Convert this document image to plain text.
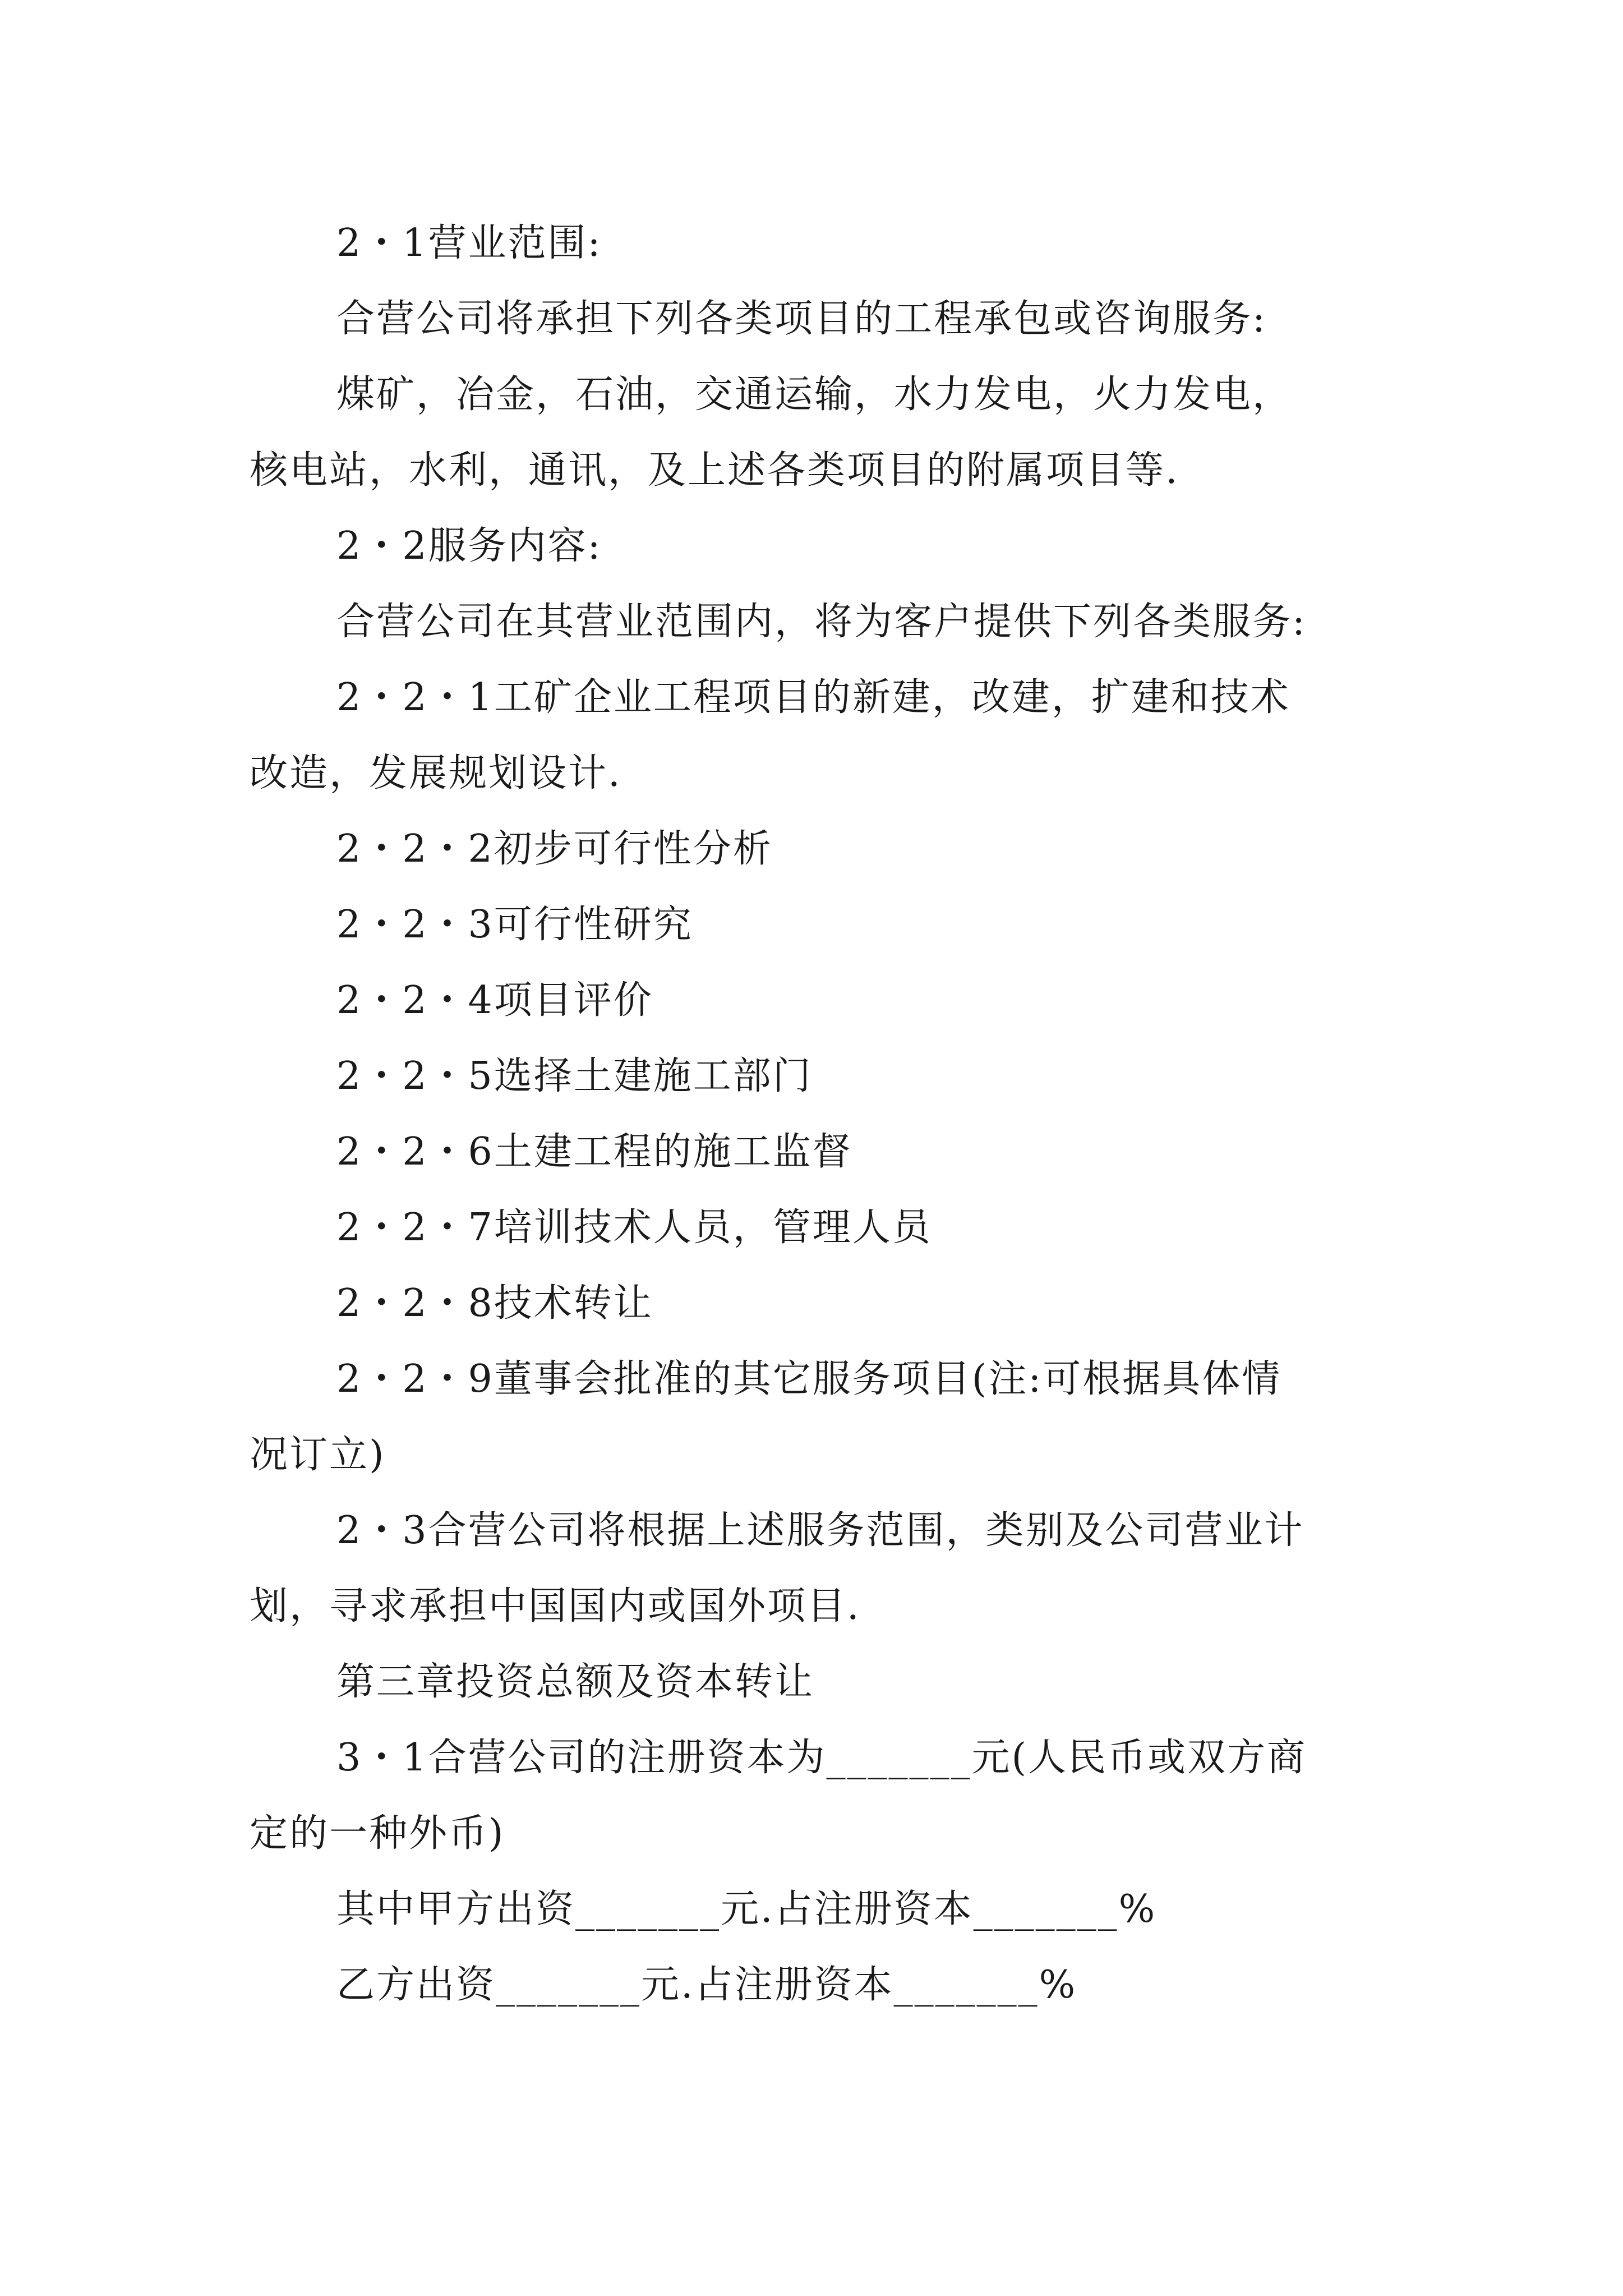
2・1营业范围:
合营公司将承担下列各类项目的工程承包或咨询服务:
煤矿，冶金，石油，交通运输，水力发电，火力发电，
核电站，水利，通讯，及上述各类项目的附属项目等.
2・2服务内容:
合营公司在其营业范围内，将为客户提供下列各类服务:
2・2・1工矿企业工程项目的新建，改建，扩建和技术
改造，发展规划设计.
2・2・2初步可行性分析
2・2・3可行性研究
2・2・4项目评价
2・2・5选择土建施工部门
2・2・6土建工程的施工监督
2・2・7培训技术人员，管理人员
2・2・8技术转让
2・2・9董事会批准的其它服务项目(注:可根据具体情
况订立)
2・3合营公司将根据上述服务范围，类别及公司营业计
划，寻求承担中国国内或国外项目.
第三章投资总额及资本转让
3・1合营公司的注册资本为_______元(人民币或双方商
定的一种外币)
其中甲方出资_______元.占注册资本_______%
乙方出资_______元.占注册资本_______%
